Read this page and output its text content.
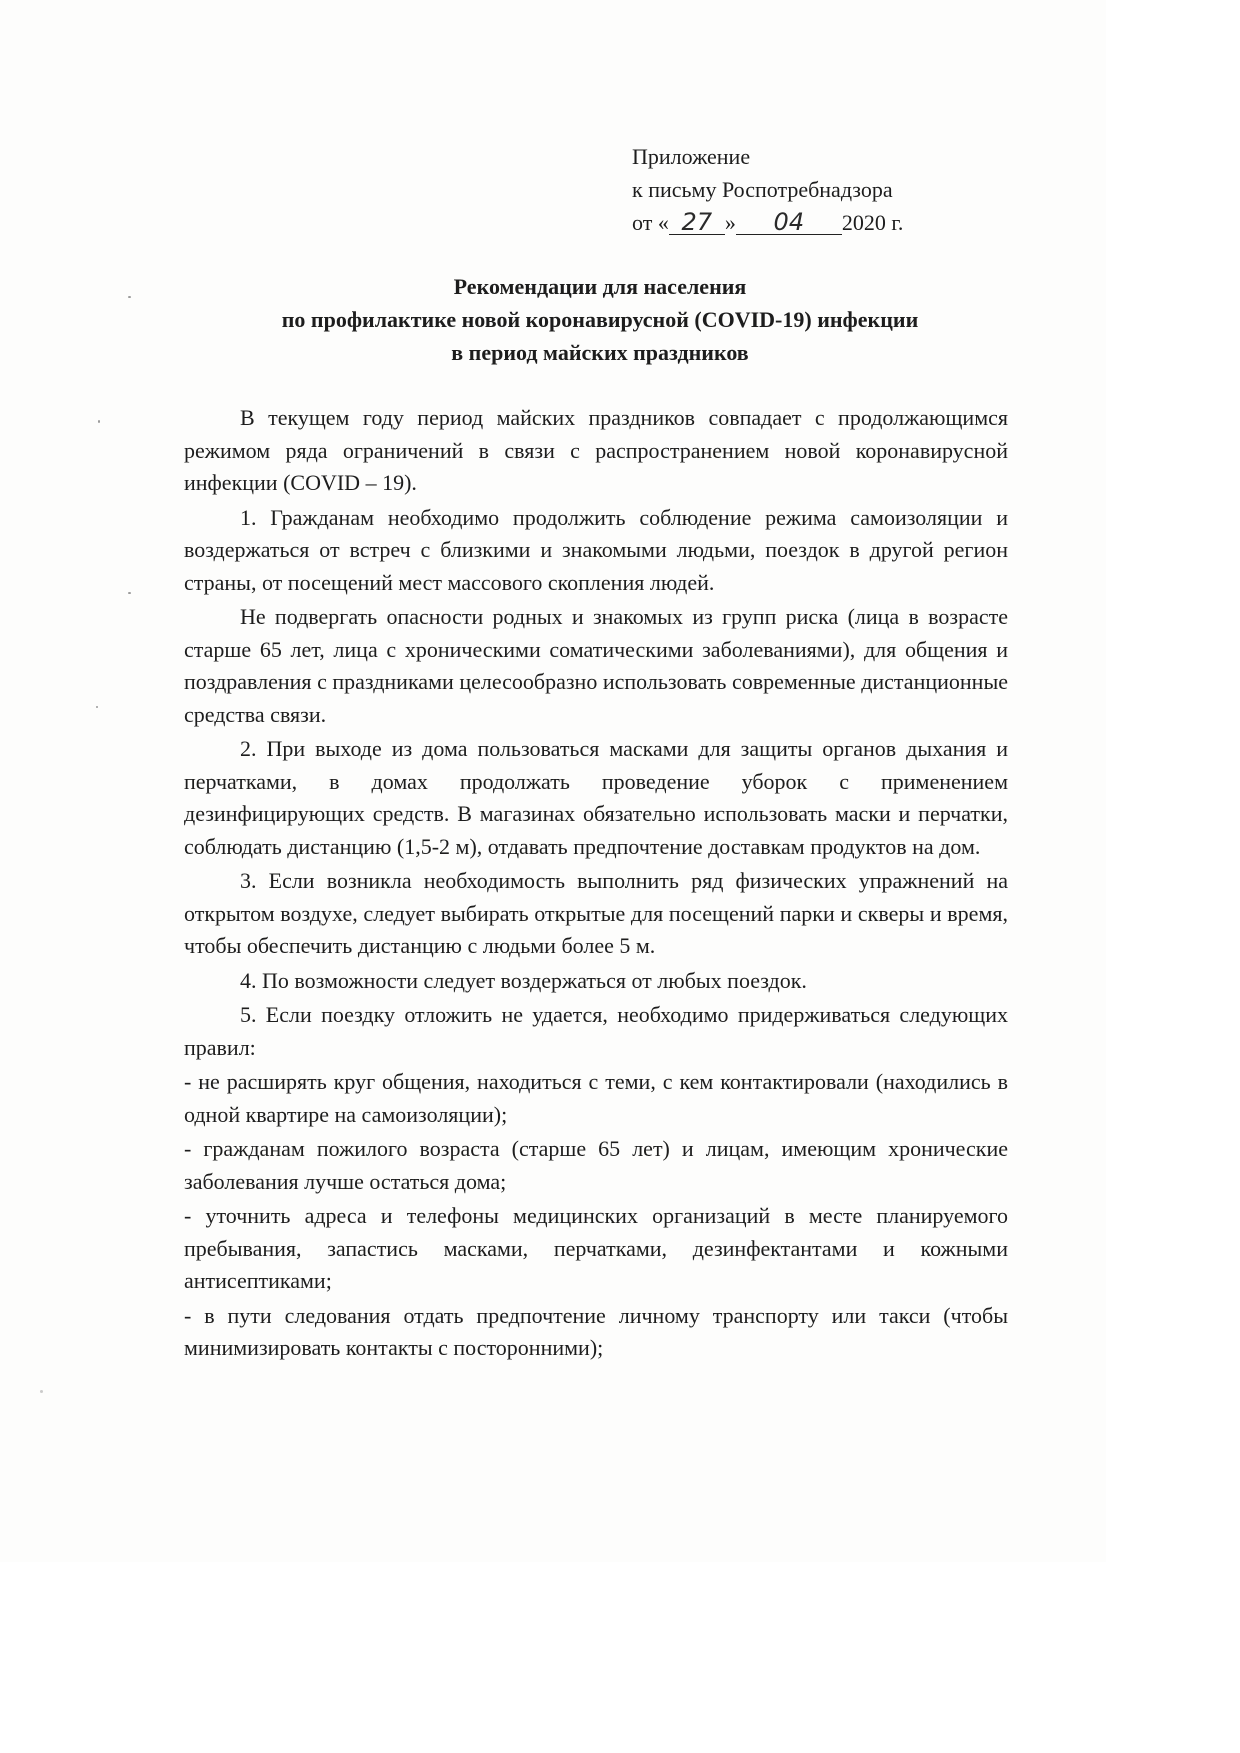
Приложение
к письму Роспотребнадзора
от « 27 » 04 2020 г.
Рекомендации для населения
по профилактике новой коронавирусной (COVID-19) инфекции
в период майских праздников

В текущем году период майских праздников совпадает с продолжающимся режимом ряда ограничений в связи с распространением новой коронавирусной инфекции (COVID – 19).

1. Гражданам необходимо продолжить соблюдение режима самоизоляции и воздержаться от встреч с близкими и знакомыми людьми, поездок в другой регион страны, от посещений мест массового скопления людей.

Не подвергать опасности родных и знакомых из групп риска (лица в возрасте старше 65 лет, лица с хроническими соматическими заболеваниями), для общения и поздравления с праздниками целесообразно использовать современные дистанционные средства связи.

2. При выходе из дома пользоваться масками для защиты органов дыхания и перчатками, в домах продолжать проведение уборок с применением дезинфицирующих средств. В магазинах обязательно использовать маски и перчатки, соблюдать дистанцию (1,5-2 м), отдавать предпочтение доставкам продуктов на дом.

3. Если возникла необходимость выполнить ряд физических упражнений на открытом воздухе, следует выбирать открытые для посещений парки и скверы и время, чтобы обеспечить дистанцию с людьми более 5 м.

4. По возможности следует воздержаться от любых поездок.

5. Если поездку отложить не удается, необходимо придерживаться следующих правил:

- не расширять круг общения, находиться с теми, с кем контактировали (находились в одной квартире на самоизоляции);

- гражданам пожилого возраста (старше 65 лет) и лицам, имеющим хронические заболевания лучше остаться дома;

- уточнить адреса и телефоны медицинских организаций в месте планируемого пребывания, запастись масками, перчатками, дезинфектантами и кожными антисептиками;

- в пути следования отдать предпочтение личному транспорту или такси (чтобы минимизировать контакты с посторонними);
